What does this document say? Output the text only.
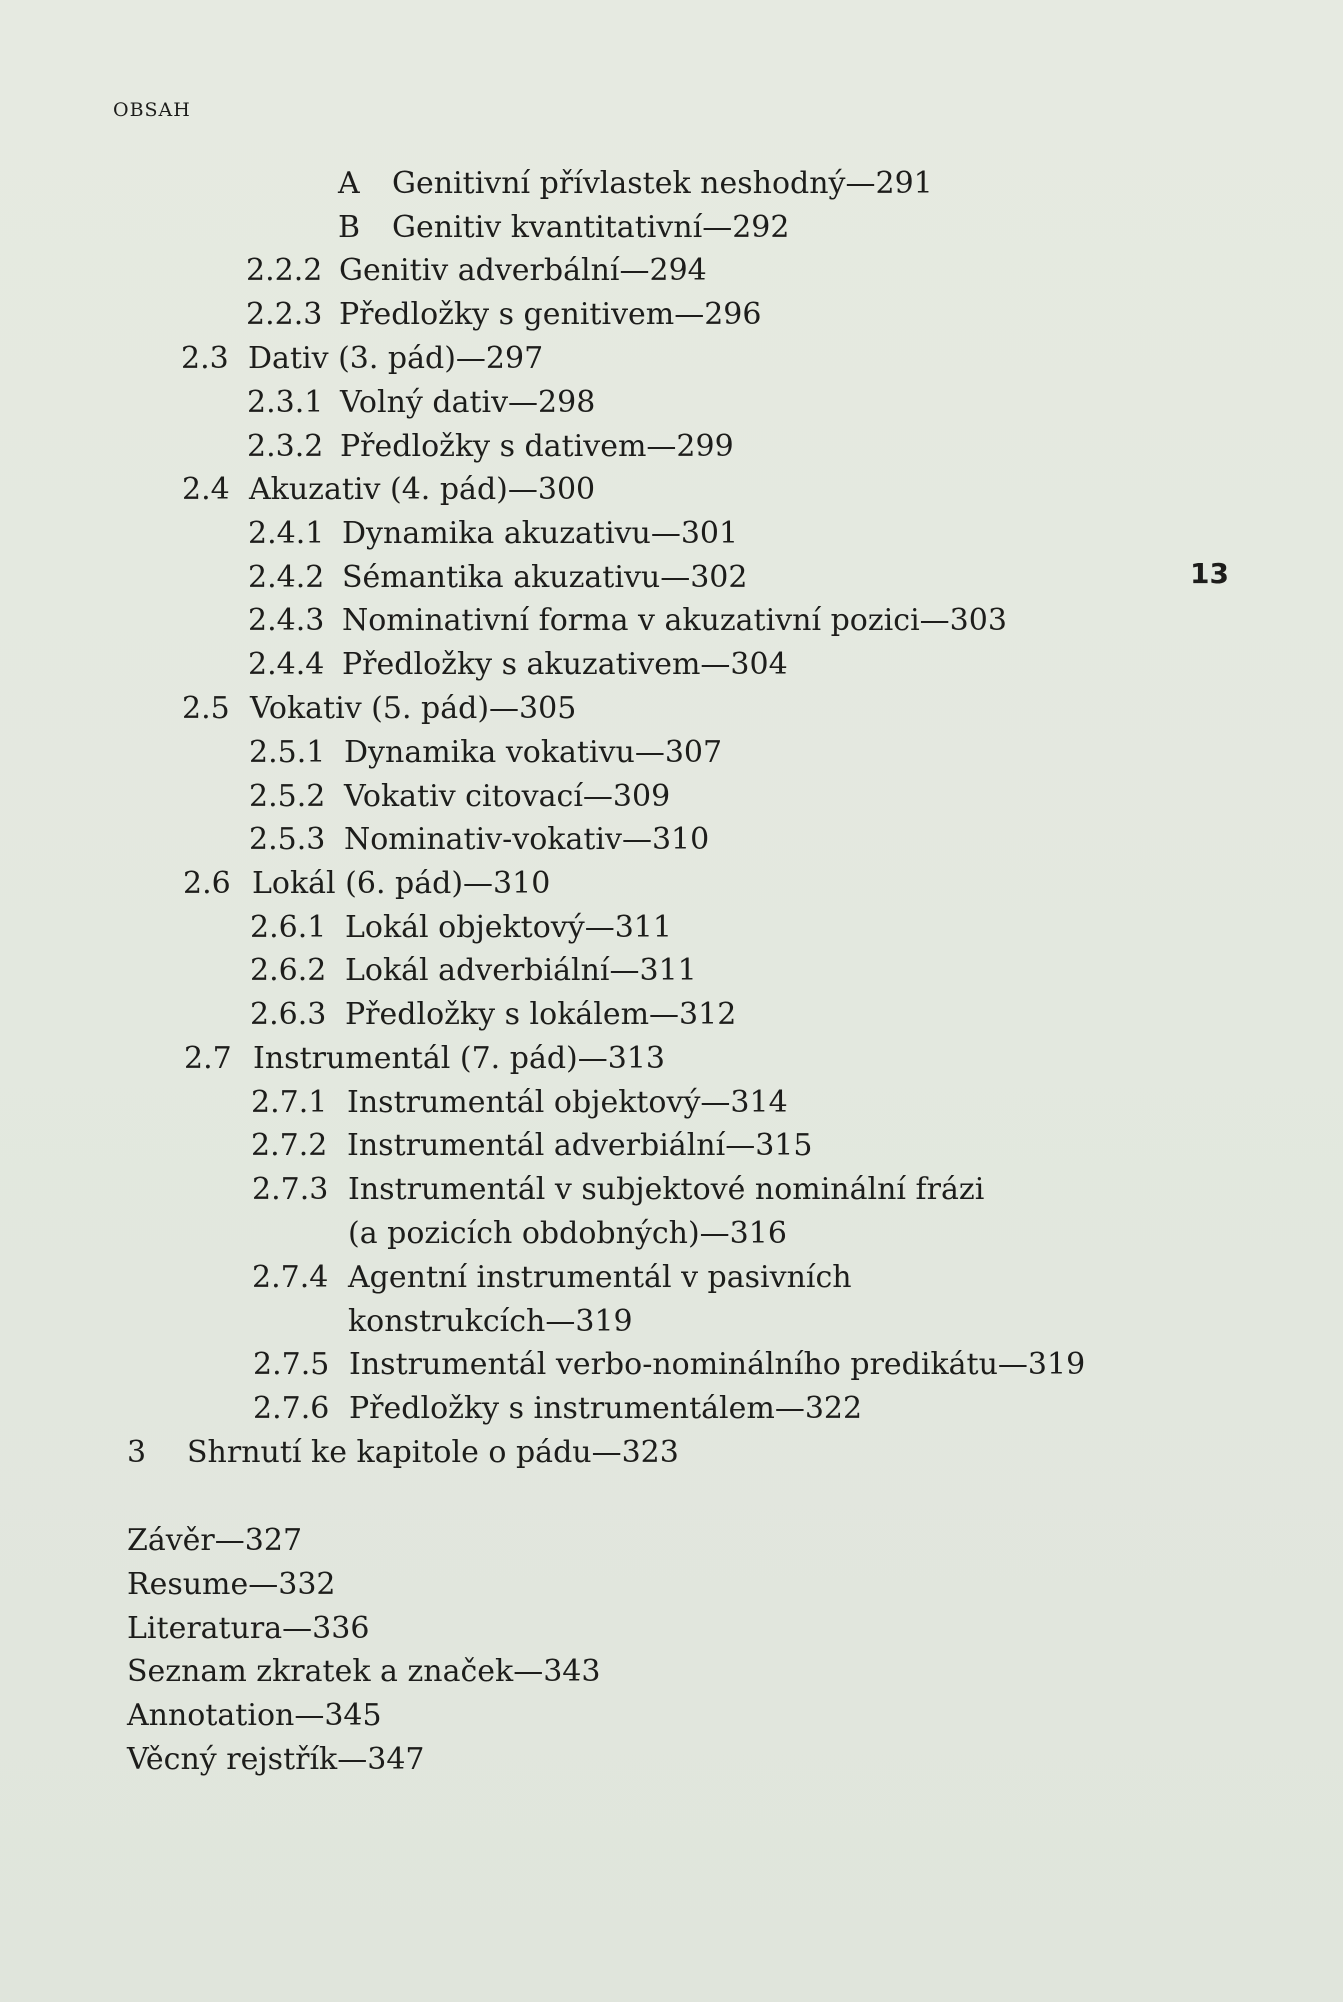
OBSAH
13
A Genitivní přívlastek neshodný—291
B Genitiv kvantitativní—292
2.2.2 Genitiv adverbální—294
2.2.3 Předložky s genitivem—296
2.3 Dativ (3. pád)—297
2.3.1 Volný dativ—298
2.3.2 Předložky s dativem—299
2.4 Akuzativ (4. pád)—300
2.4.1 Dynamika akuzativu—301
2.4.2 Sémantika akuzativu—302
2.4.3 Nominativní forma v akuzativní pozici—303
2.4.4 Předložky s akuzativem—304
2.5 Vokativ (5. pád)—305
2.5.1 Dynamika vokativu—307
2.5.2 Vokativ citovací—309
2.5.3 Nominativ-vokativ—310
2.6 Lokál (6. pád)—310
2.6.1 Lokál objektový—311
2.6.2 Lokál adverbiální—311
2.6.3 Předložky s lokálem—312
2.7 Instrumentál (7. pád)—313
2.7.1 Instrumentál objektový—314
2.7.2 Instrumentál adverbiální—315
2.7.3 Instrumentál v subjektové nominální frázi
(a pozicích obdobných)—316
2.7.4 Agentní instrumentál v pasivních
konstrukcích—319
2.7.5 Instrumentál verbo-nominálního predikátu—319
2.7.6 Předložky s instrumentálem—322
3 Shrnutí ke kapitole o pádu—323
Závěr—327
Resume—332
Literatura—336
Seznam zkratek a značek—343
Annotation—345
Věcný rejstřík—347
